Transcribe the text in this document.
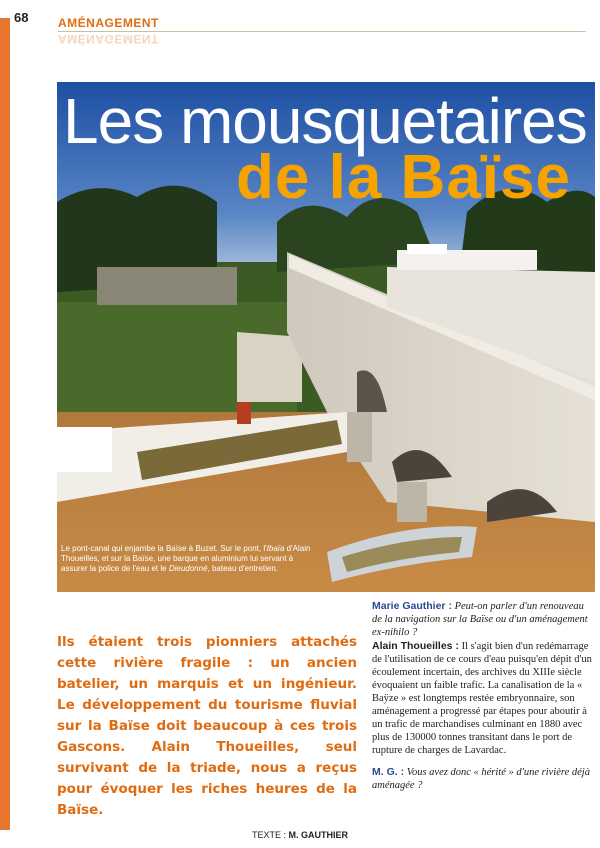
VIE SUR L'EAU
68 AMÉNAGEMENT
AMÉNAGEMENT
Les mousquetaires
de la Baïse
Le pont-canal qui enjambe la Baïse à Buzet. Sur le pont, l'Ibaïa d'Alain Thoueilles, et sur la Baïse, une barque en aluminium lui servant à assurer la police de l'eau et le Dieudonné, bateau d'entretien.
Ils étaient trois pionniers attachés cette rivière fragile : un ancien batelier, un marquis et un ingénieur. Le développement du tourisme fluvial sur la Baïse doit beaucoup à ces trois Gascons. Alain Thoueilles, seul survivant de la triade, nous a reçus pour évoquer les riches heures de la Baïse.
TEXTE : M. GAUTHIER

Marie Gauthier : Peut-on parler d'un renouveau de la navigation sur la Baïse ou d'un aménagement ex-nihilo ?

Alain Thoueilles : Il s'agit bien d'un redémarrage de l'utilisation de ce cours d'eau puisqu'en dépit d'un écoulement incertain, des archives du XIIIe siècle évoquaient un faible trafic. La canalisation de la « Baÿze » est longtemps restée embryonnaire, son aménagement a progressé par étapes pour aboutir à un trafic de marchandises culminant en 1880 avec plus de 130000 tonnes transitant dans le port de rupture de charges de Lavardac.

M. G. : Vous avez donc « hérité » d'une rivière déjà aménagée ?
